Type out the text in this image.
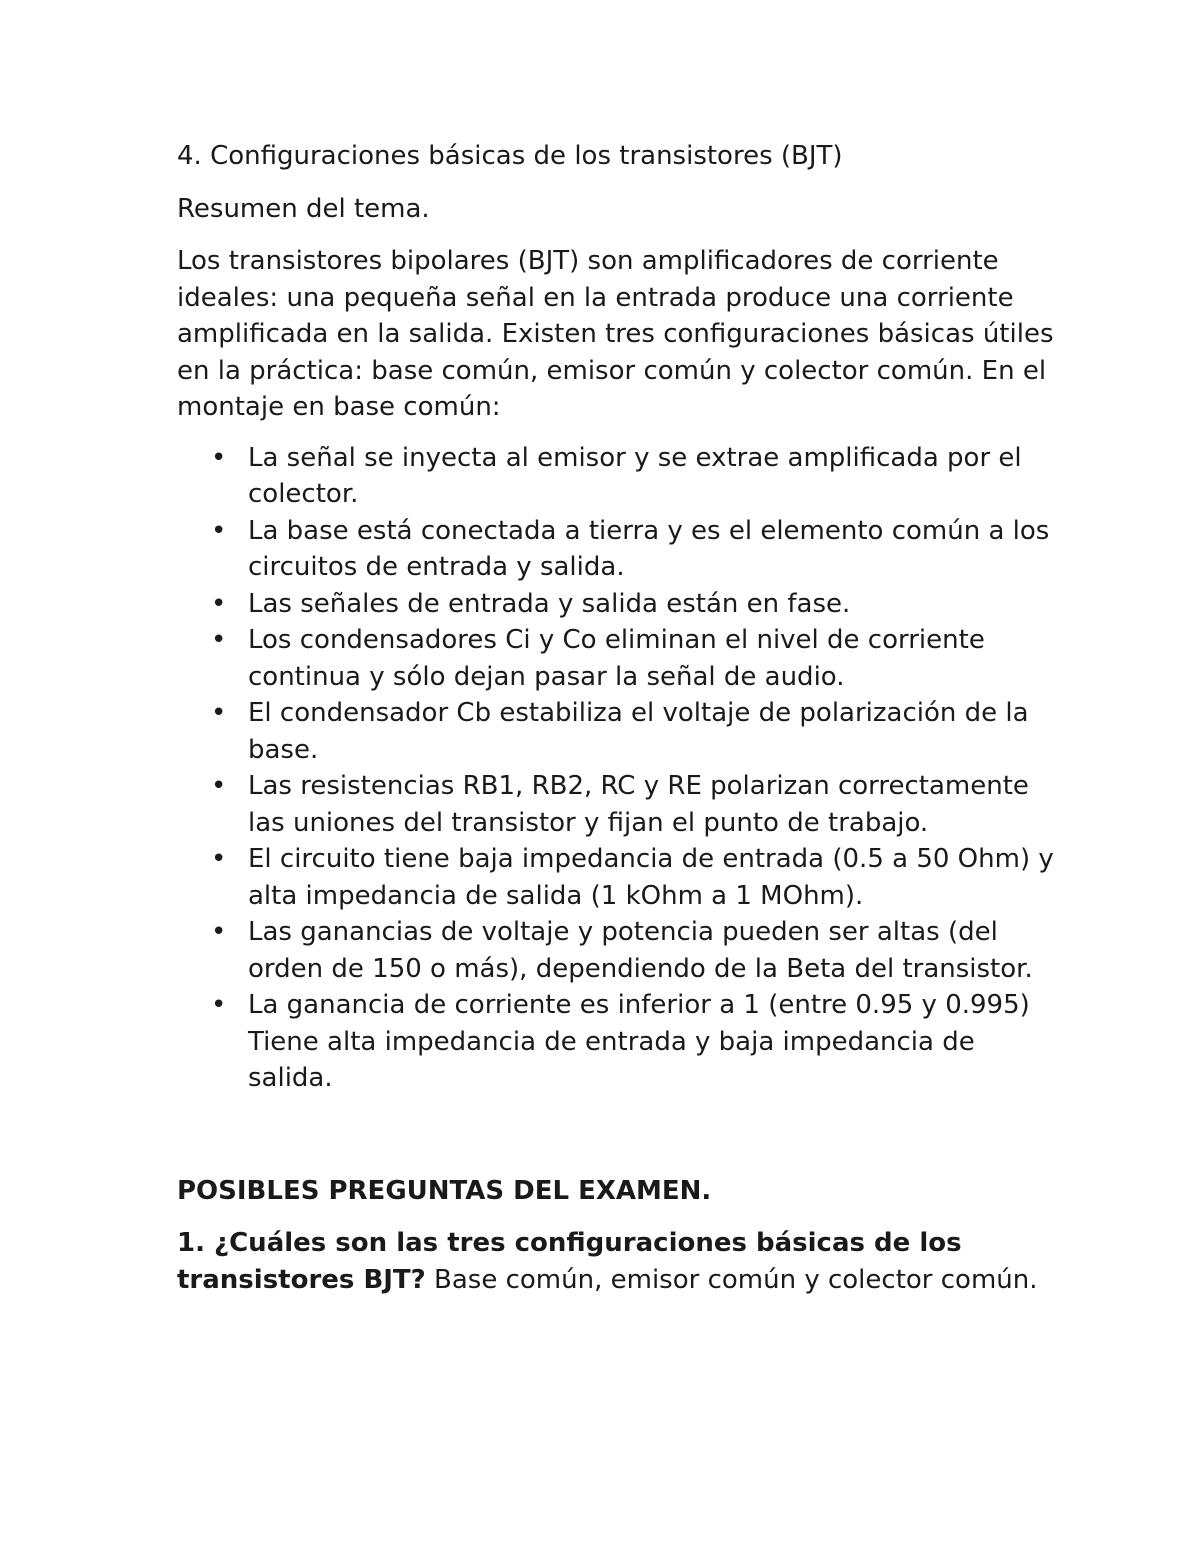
4. Configuraciones básicas de los transistores (BJT)

Resumen del tema.

Los transistores bipolares (BJT) son amplificadores de corriente ideales: una pequeña señal en la entrada produce una corriente amplificada en la salida. Existen tres configuraciones básicas útiles en la práctica: base común, emisor común y colector común. En el montaje en base común:

• La señal se inyecta al emisor y se extrae amplificada por el colector.
• La base está conectada a tierra y es el elemento común a los circuitos de entrada y salida.
• Las señales de entrada y salida están en fase.
• Los condensadores Ci y Co eliminan el nivel de corriente continua y sólo dejan pasar la señal de audio.
• El condensador Cb estabiliza el voltaje de polarización de la base.
• Las resistencias RB1, RB2, RC y RE polarizan correctamente las uniones del transistor y fijan el punto de trabajo.
• El circuito tiene baja impedancia de entrada (0.5 a 50 Ohm) y alta impedancia de salida (1 kOhm a 1 MOhm).
• Las ganancias de voltaje y potencia pueden ser altas (del orden de 150 o más), dependiendo de la Beta del transistor.
• La ganancia de corriente es inferior a 1 (entre 0.95 y 0.995) Tiene alta impedancia de entrada y baja impedancia de salida.

POSIBLES PREGUNTAS DEL EXAMEN.

1. ¿Cuáles son las tres configuraciones básicas de los transistores BJT? Base común, emisor común y colector común.
